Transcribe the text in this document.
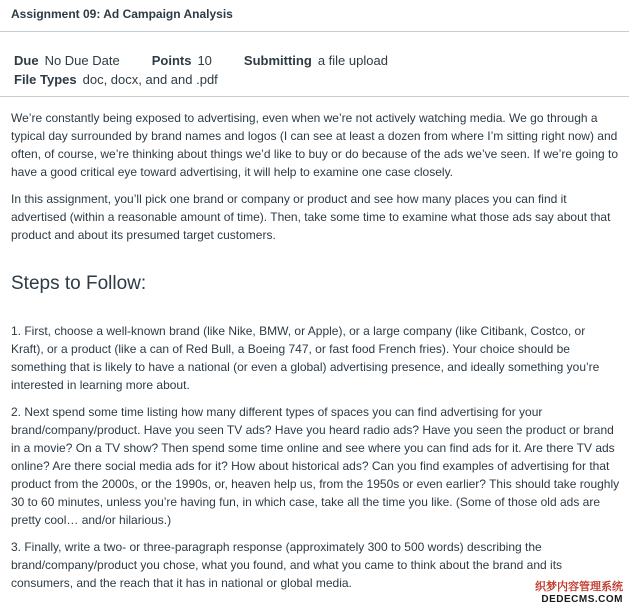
Assignment 09: Ad Campaign Analysis
Due No Due Date Points 10 Submitting a file upload
File Types doc, docx, and and .pdf

We’re constantly being exposed to advertising, even when we’re not actively watching media. We go through a typical day surrounded by brand names and logos (I can see at least a dozen from where I’m sitting right now) and often, of course, we’re thinking about things we’d like to buy or do because of the ads we’ve seen. If we’re going to have a good critical eye toward advertising, it will help to examine one case closely.

In this assignment, you’ll pick one brand or company or product and see how many places you can find it advertised (within a reasonable amount of time). Then, take some time to examine what those ads say about that product and about its presumed target customers.

Steps to Follow:

1. First, choose a well-known brand (like Nike, BMW, or Apple), or a large company (like Citibank, Costco, or Kraft), or a product (like a can of Red Bull, a Boeing 747, or fast food French fries). Your choice should be something that is likely to have a national (or even a global) advertising presence, and ideally something you’re interested in learning more about.

2. Next spend some time listing how many different types of spaces you can find advertising for your brand/company/product. Have you seen TV ads? Have you heard radio ads? Have you seen the product or brand in a movie? On a TV show? Then spend some time online and see where you can find ads for it. Are there TV ads online? Are there social media ads for it? How about historical ads? Can you find examples of advertising for that product from the 2000s, or the 1990s, or, heaven help us, from the 1950s or even earlier? This should take roughly 30 to 60 minutes, unless you’re having fun, in which case, take all the time you like. (Some of those old ads are pretty cool… and/or hilarious.)

3. Finally, write a two- or three-paragraph response (approximately 300 to 500 words) describing the brand/company/product you chose, what you found, and what you came to think about the brand and its consumers, and the reach that it has in national or global media.	织梦内容管理系统
DEDECMS.COM
